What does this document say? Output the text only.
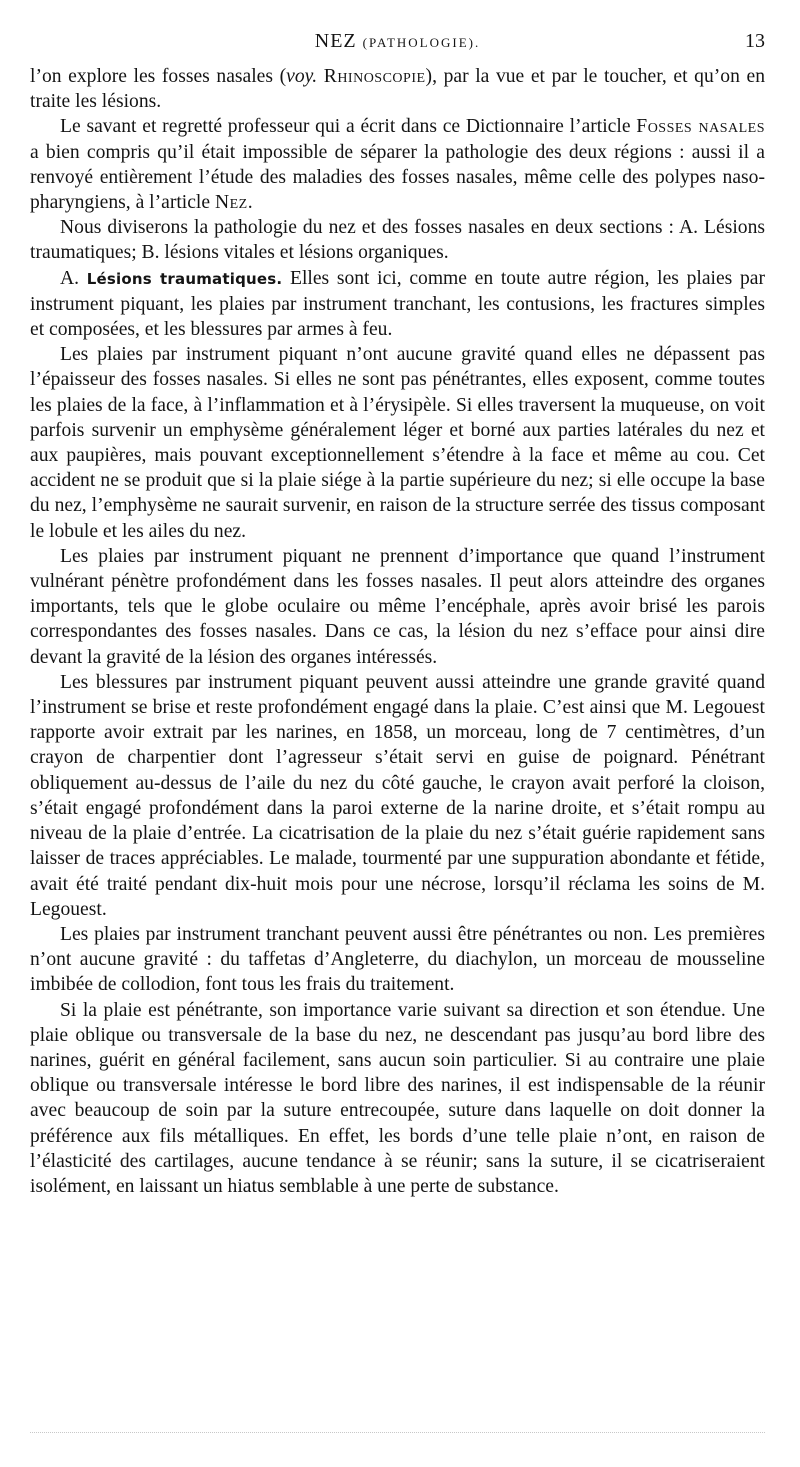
NEZ (PATHOLOGIE).	13

l’on explore les fosses nasales (voy. Rhinoscopie), par la vue et par le toucher, et qu’on en traite les lésions.

Le savant et regretté professeur qui a écrit dans ce Dictionnaire l’article Fosses nasales a bien compris qu’il était impossible de séparer la pathologie des deux régions : aussi il a renvoyé entièrement l’étude des maladies des fosses nasales, même celle des polypes naso-pharyngiens, à l’article Nez.

Nous diviserons la pathologie du nez et des fosses nasales en deux sections : A. Lésions traumatiques; B. lésions vitales et lésions organiques.

A. Lésions traumatiques. Elles sont ici, comme en toute autre région, les plaies par instrument piquant, les plaies par instrument tranchant, les contusions, les fractures simples et composées, et les blessures par armes à feu.

Les plaies par instrument piquant n’ont aucune gravité quand elles ne dépassent pas l’épaisseur des fosses nasales. Si elles ne sont pas pénétrantes, elles exposent, comme toutes les plaies de la face, à l’inflammation et à l’érysipèle. Si elles traversent la muqueuse, on voit parfois survenir un emphysème généralement léger et borné aux parties latérales du nez et aux paupières, mais pouvant exceptionnellement s’étendre à la face et même au cou. Cet accident ne se produit que si la plaie siége à la partie supérieure du nez; si elle occupe la base du nez, l’emphysème ne saurait survenir, en raison de la structure serrée des tissus composant le lobule et les ailes du nez.

Les plaies par instrument piquant ne prennent d’importance que quand l’instrument vulnérant pénètre profondément dans les fosses nasales. Il peut alors atteindre des organes importants, tels que le globe oculaire ou même l’encéphale, après avoir brisé les parois correspondantes des fosses nasales. Dans ce cas, la lésion du nez s’efface pour ainsi dire devant la gravité de la lésion des organes intéressés.

Les blessures par instrument piquant peuvent aussi atteindre une grande gravité quand l’instrument se brise et reste profondément engagé dans la plaie. C’est ainsi que M. Legouest rapporte avoir extrait par les narines, en 1858, un morceau, long de 7 centimètres, d’un crayon de charpentier dont l’agresseur s’était servi en guise de poignard. Pénétrant obliquement au-dessus de l’aile du nez du côté gauche, le crayon avait perforé la cloison, s’était engagé profondément dans la paroi externe de la narine droite, et s’était rompu au niveau de la plaie d’entrée. La cicatrisation de la plaie du nez s’était guérie rapidement sans laisser de traces appréciables. Le malade, tourmenté par une suppuration abondante et fétide, avait été traité pendant dix-huit mois pour une nécrose, lorsqu’il réclama les soins de M. Legouest.

Les plaies par instrument tranchant peuvent aussi être pénétrantes ou non. Les premières n’ont aucune gravité : du taffetas d’Angleterre, du diachylon, un morceau de mousseline imbibée de collodion, font tous les frais du traitement.

Si la plaie est pénétrante, son importance varie suivant sa direction et son étendue. Une plaie oblique ou transversale de la base du nez, ne descendant pas jusqu’au bord libre des narines, guérit en général facilement, sans aucun soin particulier. Si au contraire une plaie oblique ou transversale intéresse le bord libre des narines, il est indispensable de la réunir avec beaucoup de soin par la suture entrecoupée, suture dans laquelle on doit donner la préférence aux fils métalliques. En effet, les bords d’une telle plaie n’ont, en raison de l’élasticité des cartilages, aucune tendance à se réunir; sans la suture, il se cicatriseraient isolément, en laissant un hiatus semblable à une perte de substance.
